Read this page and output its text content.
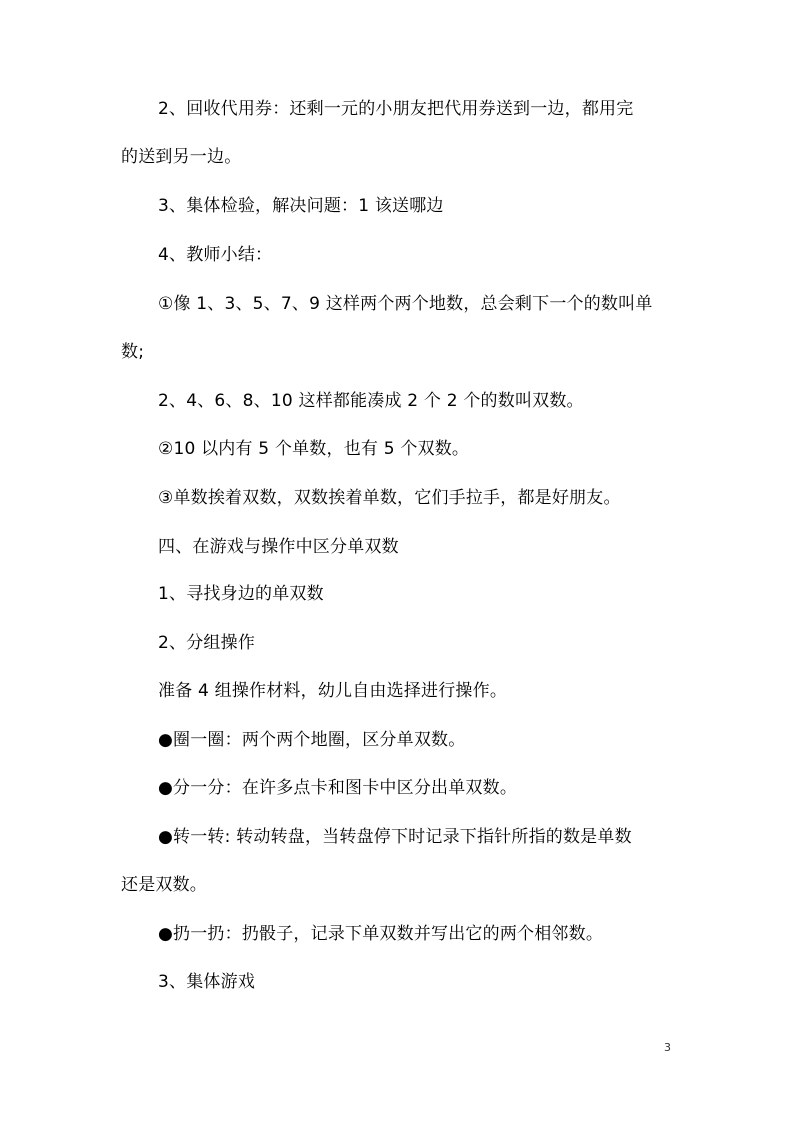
2、回收代用券：还剩一元的小朋友把代用券送到一边，都用完
的送到另一边。
3、集体检验，解决问题：1 该送哪边
4、教师小结：
①像 1、3、5、7、9 这样两个两个地数，总会剩下一个的数叫单
数;
2、4、6、8、10 这样都能凑成 2 个 2 个的数叫双数。
②10 以内有 5 个单数，也有 5 个双数。
③单数挨着双数，双数挨着单数，它们手拉手，都是好朋友。
四、在游戏与操作中区分单双数
1、寻找身边的单双数
2、分组操作
准备 4 组操作材料，幼儿自由选择进行操作。
●圈一圈：两个两个地圈，区分单双数。
●分一分：在许多点卡和图卡中区分出单双数。
●转一转: 转动转盘，当转盘停下时记录下指针所指的数是单数
还是双数。
●扔一扔：扔骰子，记录下单双数并写出它的两个相邻数。
3、集体游戏
3
